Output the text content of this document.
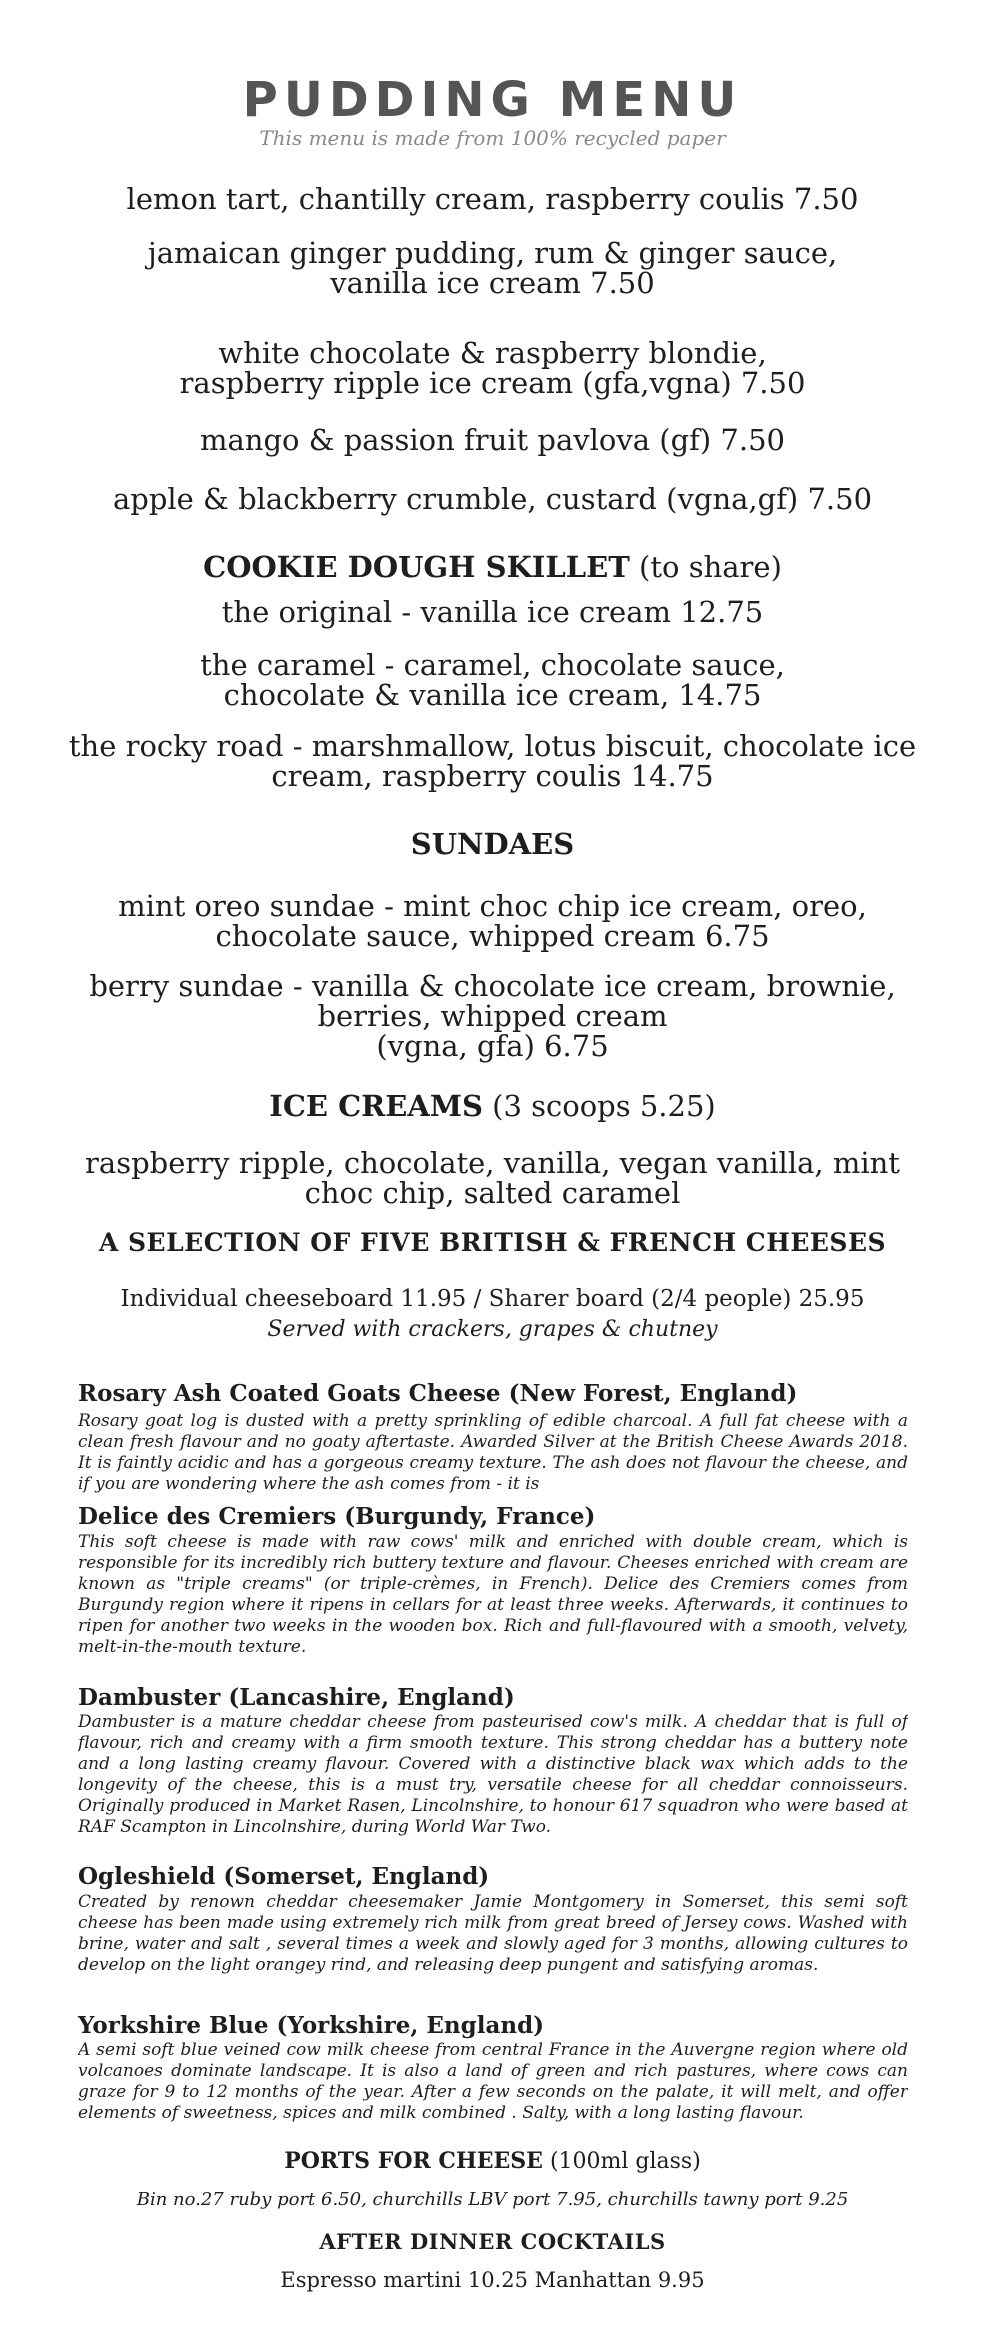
PUDDING MENU

This menu is made from 100% recycled paper

lemon tart, chantilly cream, raspberry coulis 7.50

jamaican ginger pudding, rum & ginger sauce,
vanilla ice cream 7.50
white chocolate & raspberry blondie,
raspberry ripple ice cream (gfa,vgna) 7.50

mango & passion fruit pavlova (gf) 7.50

apple & blackberry crumble, custard (vgna,gf) 7.50

COOKIE DOUGH SKILLET (to share)

the original - vanilla ice cream 12.75

the caramel - caramel, chocolate sauce,
chocolate & vanilla ice cream, 14.75
the rocky road - marshmallow, lotus biscuit, chocolate ice
cream, raspberry coulis 14.75

SUNDAES

mint oreo sundae - mint choc chip ice cream, oreo,
chocolate sauce, whipped cream 6.75
berry sundae - vanilla & chocolate ice cream, brownie,
berries, whipped cream
(vgna, gfa) 6.75

ICE CREAMS (3 scoops 5.25)

raspberry ripple, chocolate, vanilla, vegan vanilla, mint
choc chip, salted caramel

A SELECTION OF FIVE BRITISH & FRENCH CHEESES

Individual cheeseboard 11.95 / Sharer board (2/4 people) 25.95

Served with crackers, grapes & chutney

Rosary Ash Coated Goats Cheese (New Forest, England)

Rosary goat log is dusted with a pretty sprinkling of edible charcoal. A full fat cheese with a clean fresh flavour and no goaty aftertaste. Awarded Silver at the British Cheese Awards 2018. It is faintly acidic and has a gorgeous creamy texture. The ash does not flavour the cheese, and if you are wondering where the ash comes from - it is

Delice des Cremiers (Burgundy, France)

This soft cheese is made with raw cows' milk and enriched with double cream, which is responsible for its incredibly rich buttery texture and flavour. Cheeses enriched with cream are known as "triple creams" (or triple-crèmes, in French). Delice des Cremiers comes from Burgundy region where it ripens in cellars for at least three weeks. Afterwards, it continues to ripen for another two weeks in the wooden box. Rich and full-flavoured with a smooth, velvety, melt-in-the-mouth texture.

Dambuster (Lancashire, England)

Dambuster is a mature cheddar cheese from pasteurised cow's milk. A cheddar that is full of flavour, rich and creamy with a firm smooth texture. This strong cheddar has a buttery note and a long lasting creamy flavour. Covered with a distinctive black wax which adds to the longevity of the cheese, this is a must try, versatile cheese for all cheddar connoisseurs. Originally produced in Market Rasen, Lincolnshire, to honour 617 squadron who were based at RAF Scampton in Lincolnshire, during World War Two.

Ogleshield (Somerset, England)

Created by renown cheddar cheesemaker Jamie Montgomery in Somerset, this semi soft cheese has been made using extremely rich milk from great breed of Jersey cows. Washed with brine, water and salt , several times a week and slowly aged for 3 months, allowing cultures to develop on the light orangey rind, and releasing deep pungent and satisfying aromas.

Yorkshire Blue (Yorkshire, England)

A semi soft blue veined cow milk cheese from central France in the Auvergne region where old volcanoes dominate landscape. It is also a land of green and rich pastures, where cows can graze for 9 to 12 months of the year. After a few seconds on the palate, it will melt, and offer elements of sweetness, spices and milk combined . Salty, with a long lasting flavour.

PORTS FOR CHEESE (100ml glass)

Bin no.27 ruby port 6.50, churchills LBV port 7.95, churchills tawny port 9.25

AFTER DINNER COCKTAILS

Espresso martini 10.25 Manhattan 9.95
